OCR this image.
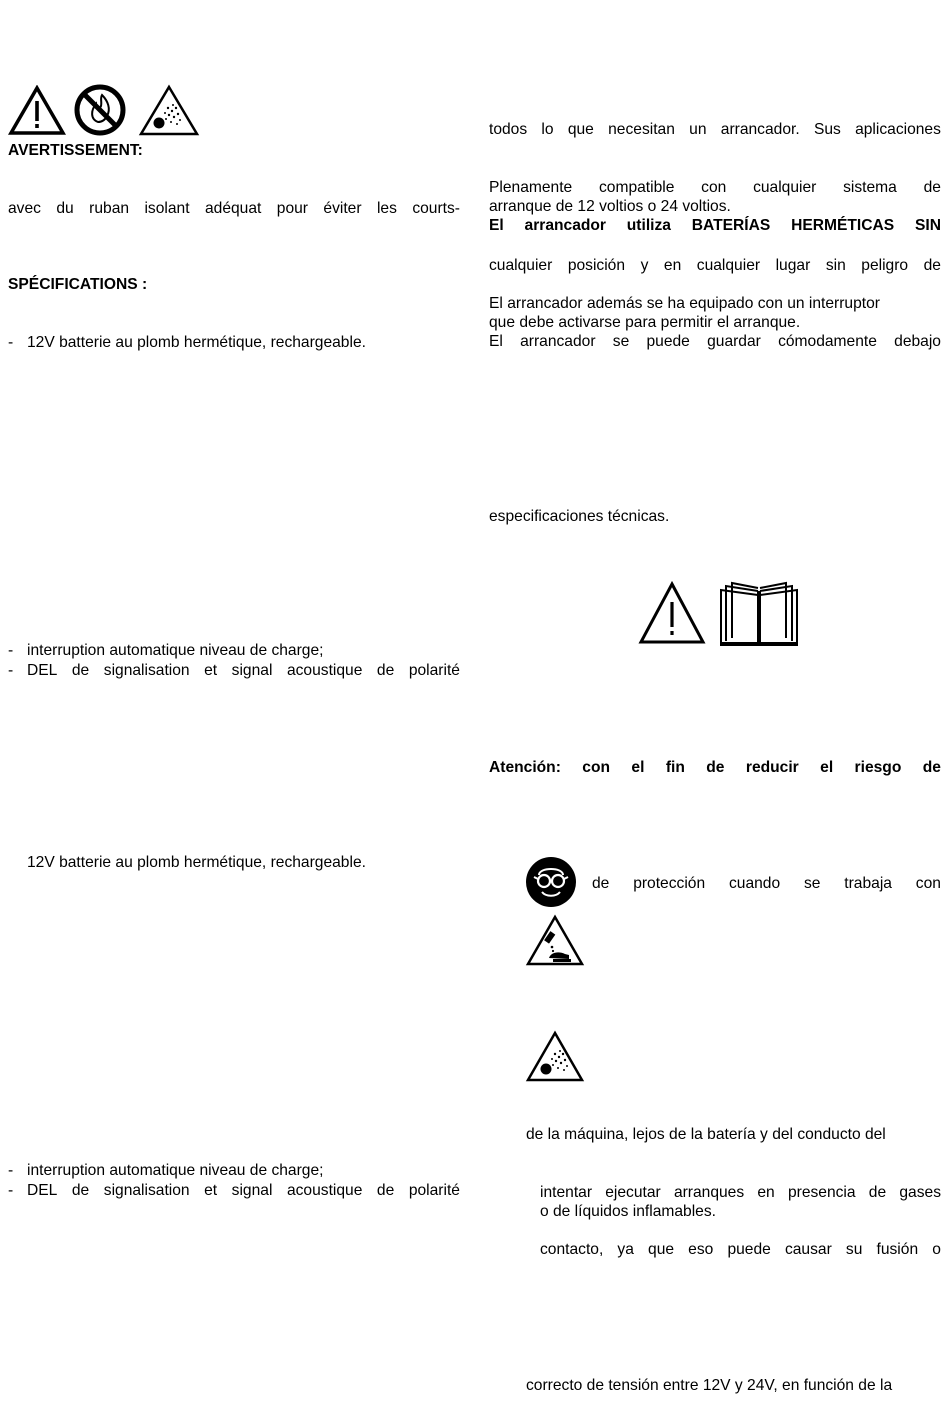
AVERTISSEMENT:
avec du ruban isolant adéquat pour éviter les courts-
SPÉCIFICATIONS :
- 12V batterie au plomb hermétique, rechargeable.
- interruption automatique niveau de charge;
- DEL de signalisation et signal acoustique de polarité
12V batterie au plomb hermétique, rechargeable.
- interruption automatique niveau de charge;
- DEL de signalisation et signal acoustique de polarité
todos lo que necesitan un arrancador. Sus aplicaciones
Plenamente compatible con cualquier sistema de
arranque de 12 voltios o 24 voltios.
El arrancador utiliza BATERÍAS HERMÉTICAS SIN
cualquier posición y en cualquier lugar sin peligro de
El arrancador además se ha equipado con un interruptor
que debe activarse para permitir el arranque.
El arrancador se puede guardar cómodamente debajo
especificaciones técnicas.
Atención: con el fin de reducir el riesgo de
de protección cuando se trabaja con
de la máquina, lejos de la batería y del conducto del
intentar ejecutar arranques en presencia de gases
o de líquidos inflamables.
contacto, ya que eso puede causar su fusión o
correcto de tensión entre 12V y 24V, en función de la
